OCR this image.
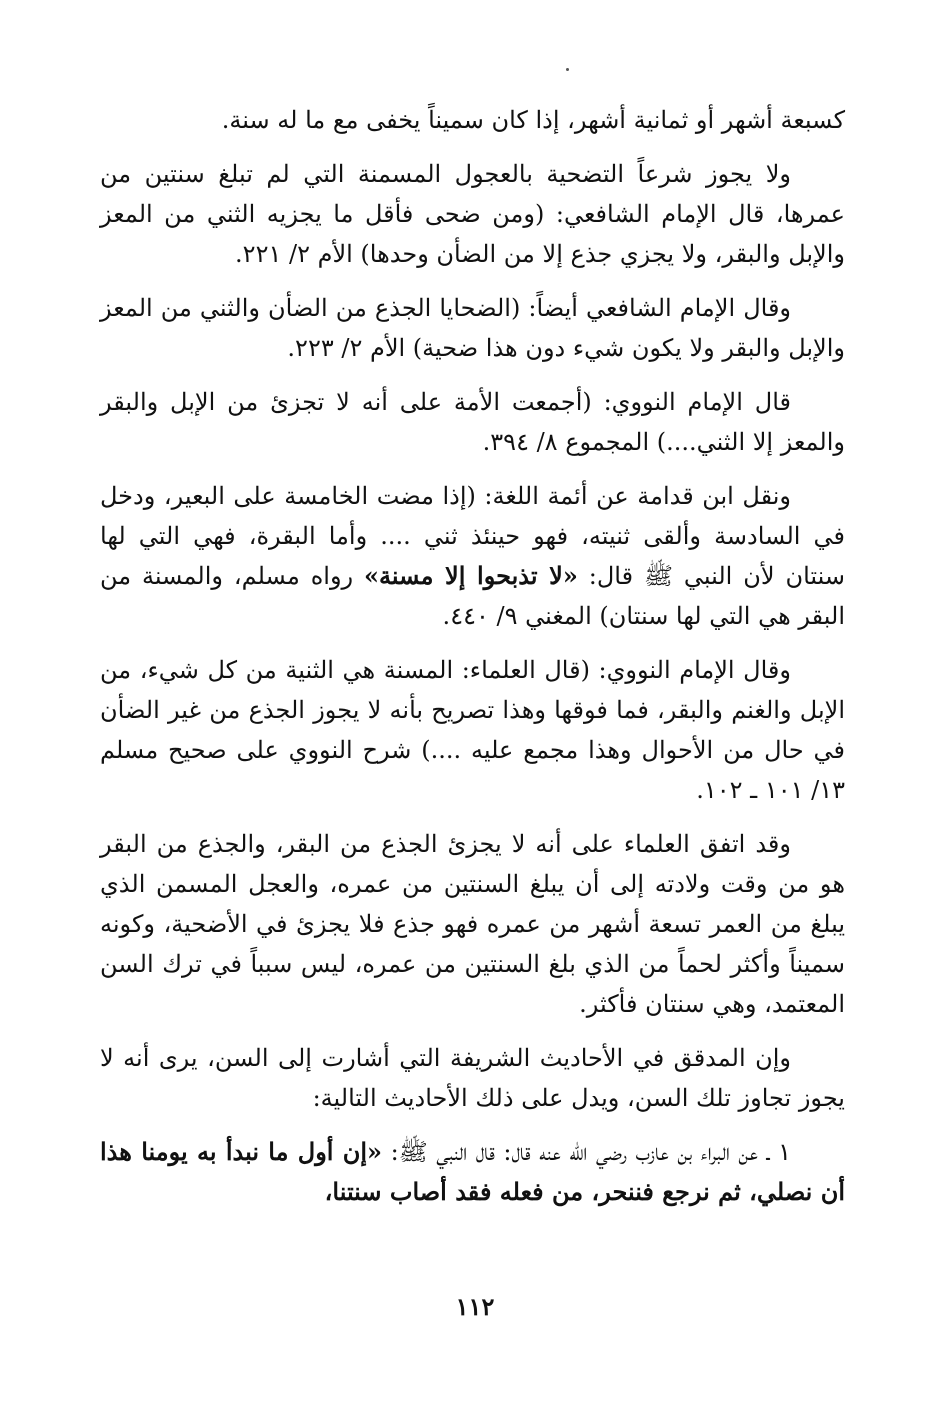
كسبعة أشهر أو ثمانية أشهر، إذا كان سميناً يخفى مع ما له سنة.

ولا يجوز شرعاً التضحية بالعجول المسمنة التي لم تبلغ سنتين من عمرها، قال الإمام الشافعي: (ومن ضحى فأقل ما يجزيه الثني من المعز والإبل والبقر، ولا يجزي جذع إلا من الضأن وحدها) الأم ٢/ ٢٢١.

وقال الإمام الشافعي أيضاً: (الضحايا الجذع من الضأن والثني من المعز والإبل والبقر ولا يكون شيء دون هذا ضحية) الأم ٢/ ٢٢٣.

قال الإمام النووي: (أجمعت الأمة على أنه لا تجزئ من الإبل والبقر والمعز إلا الثني....) المجموع ٨/ ٣٩٤.

ونقل ابن قدامة عن أئمة اللغة: (إذا مضت الخامسة على البعير، ودخل في السادسة وألقى ثنيته، فهو حينئذ ثني .... وأما البقرة، فهي التي لها سنتان لأن النبي ﷺ قال: «لا تذبحوا إلا مسنة» رواه مسلم، والمسنة من البقر هي التي لها سنتان) المغني ٩/ ٤٤٠.

وقال الإمام النووي: (قال العلماء: المسنة هي الثنية من كل شيء، من الإبل والغنم والبقر، فما فوقها وهذا تصريح بأنه لا يجوز الجذع من غير الضأن في حال من الأحوال وهذا مجمع عليه ....) شرح النووي على صحيح مسلم ١٣/ ١٠١ ـ ١٠٢.

وقد اتفق العلماء على أنه لا يجزئ الجذع من البقر، والجذع من البقر هو من وقت ولادته إلى أن يبلغ السنتين من عمره، والعجل المسمن الذي يبلغ من العمر تسعة أشهر من عمره فهو جذع فلا يجزئ في الأضحية، وكونه سميناً وأكثر لحماً من الذي بلغ السنتين من عمره، ليس سبباً في ترك السن المعتمد، وهي سنتان فأكثر.

وإن المدقق في الأحاديث الشريفة التي أشارت إلى السن، يرى أنه لا يجوز تجاوز تلك السن، ويدل على ذلك الأحاديث التالية:

١ ـ عن البراء بن عازب رضي الله عنه قال: قال النبي ﷺ: «إن أول ما نبدأ به يومنا هذا أن نصلي، ثم نرجع فننحر، من فعله فقد أصاب سنتنا،

١١٢
